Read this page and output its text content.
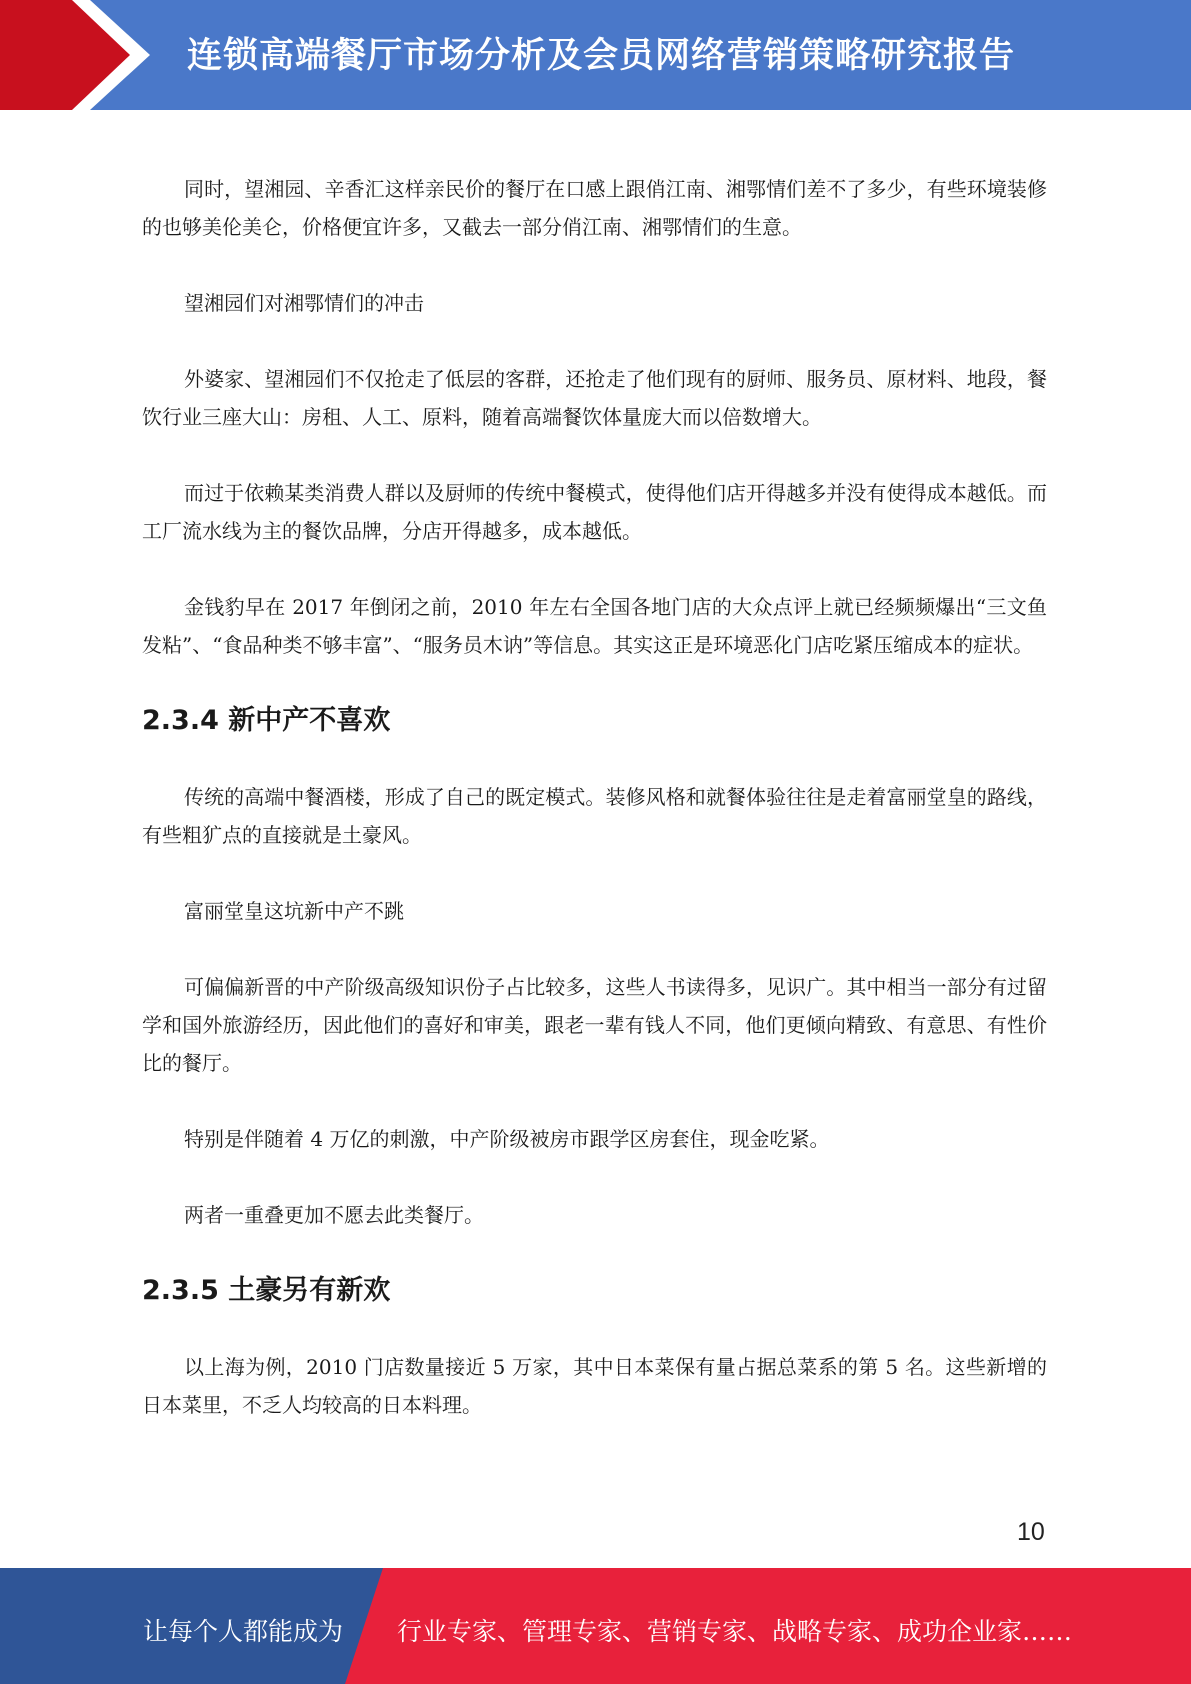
连锁高端餐厅市场分析及会员网络营销策略研究报告

同时，望湘园、辛香汇这样亲民价的餐厅在口感上跟俏江南、湘鄂情们差不了多少，有些环境装修的也够美伦美仑，价格便宜许多，又截去一部分俏江南、湘鄂情们的生意。

望湘园们对湘鄂情们的冲击

外婆家、望湘园们不仅抢走了低层的客群，还抢走了他们现有的厨师、服务员、原材料、地段，餐饮行业三座大山：房租、人工、原料，随着高端餐饮体量庞大而以倍数增大。

而过于依赖某类消费人群以及厨师的传统中餐模式，使得他们店开得越多并没有使得成本越低。而工厂流水线为主的餐饮品牌，分店开得越多，成本越低。

金钱豹早在 2017 年倒闭之前，2010 年左右全国各地门店的大众点评上就已经频频爆出“三文鱼发粘”、“食品种类不够丰富”、“服务员木讷”等信息。其实这正是环境恶化门店吃紧压缩成本的症状。

2.3.4 新中产不喜欢

传统的高端中餐酒楼，形成了自己的既定模式。装修风格和就餐体验往往是走着富丽堂皇的路线，有些粗犷点的直接就是土豪风。

富丽堂皇这坑新中产不跳

可偏偏新晋的中产阶级高级知识份子占比较多，这些人书读得多，见识广。其中相当一部分有过留学和国外旅游经历，因此他们的喜好和审美，跟老一辈有钱人不同，他们更倾向精致、有意思、有性价比的餐厅。

特别是伴随着 4 万亿的刺激，中产阶级被房市跟学区房套住，现金吃紧。

两者一重叠更加不愿去此类餐厅。

2.3.5 土豪另有新欢

以上海为例，2010 门店数量接近 5 万家，其中日本菜保有量占据总菜系的第 5 名。这些新增的日本菜里，不乏人均较高的日本料理。

10
让每个人都能成为 行业专家、管理专家、营销专家、战略专家、成功企业家……
